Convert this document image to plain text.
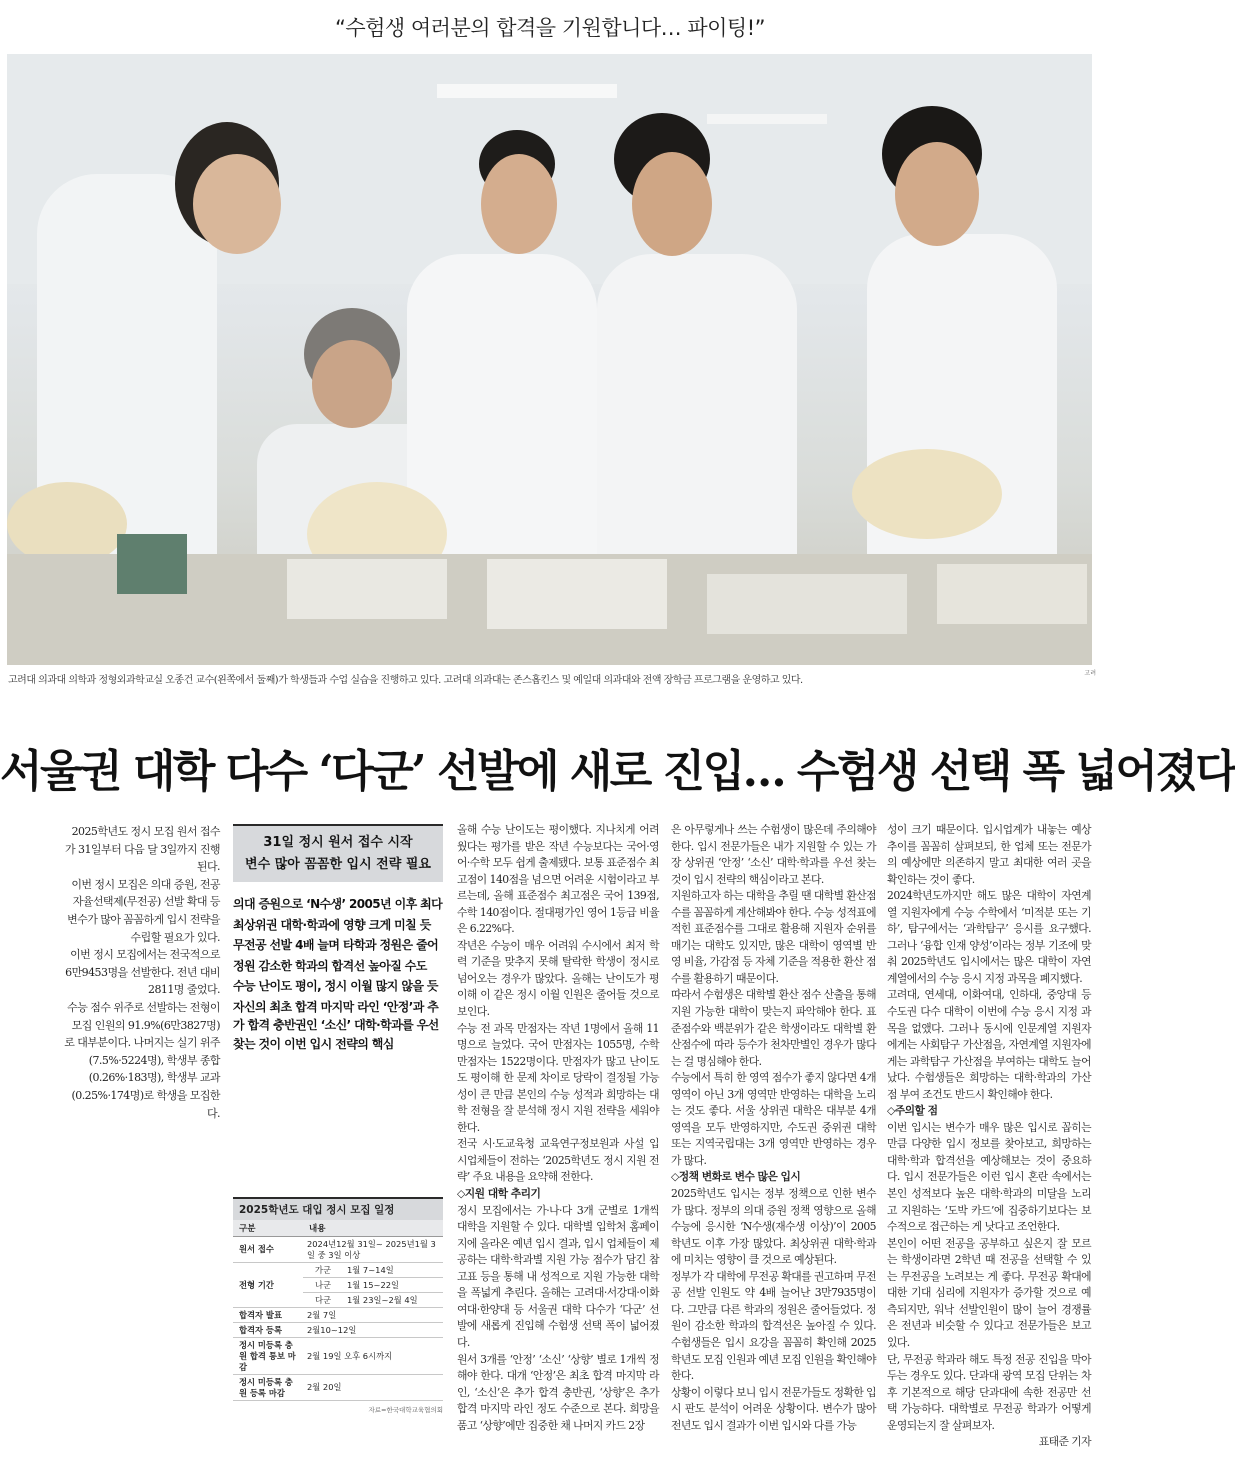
“수험생 여러분의 합격을 기원합니다… 파이팅!”
고려대 의과대 의학과 정형외과학교실 오종건 교수(왼쪽에서 둘째)가 학생들과 수업 실습을 진행하고 있다. 고려대 의과대는 존스홉킨스 및 예일대 의과대와 전액 장학금 프로그램을 운영하고 있다.
고려
서울권 대학 다수 ‘다군’ 선발에 새로 진입… 수험생 선택 폭 넓어졌다

2025학년도 정시 모집 원서 접수가 31일부터 다음 달 3일까지 진행된다.

이번 정시 모집은 의대 증원, 전공자율선택제(무전공) 선발 확대 등 변수가 많아 꼼꼼하게 입시 전략을 수립할 필요가 있다.

이번 정시 모집에서는 전국적으로 6만9453명을 선발한다. 전년 대비 2811명 줄었다.

수능 점수 위주로 선발하는 전형이 모집 인원의 91.9%(6만3827명)로 대부분이다. 나머지는 실기 위주(7.5%·5224명), 학생부 종합(0.26%·183명), 학생부 교과(0.25%·174명)로 학생을 모집한다.

31일 정시 원서 접수 시작
변수 많아 꼼꼼한 입시 전략 필요

의대 증원으로 ‘N수생’ 2005년 이후 최다

최상위권 대학·학과에 영향 크게 미칠 듯

무전공 선발 4배 늘며 타학과 정원은 줄어

정원 감소한 학과의 합격선 높아질 수도

수능 난이도 평이, 정시 이월 많지 않을 듯

자신의 최초 합격 마지막 라인 ‘안정’과 추가 합격 충반권인 ‘소신’ 대학·학과를 우선 찾는 것이 이번 입시 전략의 핵심

2025학년도 대입 정시 모집 일정
구분	내용	
원서 접수	2024년12월 31일~ 2025년1월 3일 중 3일 이상	
전형 기간	가군	1월 7~14일
	나군	1월 15~22일
	다군	1월 23일~2월 4일
합격자 발표	2월 7일	
합격자 등록	2월10~12일	
정시 미등록 충원 합격 통보 마감	2월 19일 오후 6시까지	
정시 미등록 충원 등록 마감	2월 20일	
자료=한국대학교육협의회

올해 수능 난이도는 평이했다. 지나치게 어려웠다는 평가를 받은 작년 수능보다는 국어·영어·수학 모두 쉽게 출제됐다. 보통 표준점수 최고점이 140점을 넘으면 어려운 시험이라고 부르는데, 올해 표준점수 최고점은 국어 139점, 수학 140점이다. 절대평가인 영어 1등급 비율은 6.22%다.

작년은 수능이 매우 어려워 수시에서 최저 학력 기준을 맞추지 못해 탈락한 학생이 정시로 넘어오는 경우가 많았다. 올해는 난이도가 평이해 이 같은 정시 이월 인원은 줄어들 것으로 보인다.

수능 전 과목 만점자는 작년 1명에서 올해 11명으로 늘었다. 국어 만점자는 1055명, 수학 만점자는 1522명이다. 만점자가 많고 난이도도 평이해 한 문제 차이로 당락이 결정될 가능성이 큰 만큼 본인의 수능 성적과 희망하는 대학 전형을 잘 분석해 정시 지원 전략을 세워야 한다.

전국 시·도교육청 교육연구정보원과 사설 입시업체들이 전하는 ‘2025학년도 정시 지원 전략’ 주요 내용을 요약해 전한다.

◇지원 대학 추리기

정시 모집에서는 가·나·다 3개 군별로 1개씩 대학을 지원할 수 있다. 대학별 입학처 홈페이지에 올라온 예년 입시 결과, 입시 업체들이 제공하는 대학·학과별 지원 가능 점수가 담긴 참고표 등을 통해 내 성적으로 지원 가능한 대학을 폭넓게 추린다. 올해는 고려대·서강대·이화여대·한양대 등 서울권 대학 다수가 ‘다군’ 선발에 새롭게 진입해 수험생 선택 폭이 넓어졌다.

원서 3개를 ‘안정’ ‘소신’ ‘상향’ 별로 1개씩 정해야 한다. 대개 ‘안정’은 최초 합격 마지막 라인, ‘소신’은 추가 합격 충반권, ‘상향’은 추가 합격 마지막 라인 정도 수준으로 본다. 희망을 품고 ‘상향’에만 집중한 채 나머지 카드 2장

은 아무렇게나 쓰는 수험생이 많은데 주의해야 한다. 입시 전문가들은 내가 지원할 수 있는 가장 상위권 ‘안정’ ‘소신’ 대학·학과를 우선 찾는 것이 입시 전략의 핵심이라고 본다.

지원하고자 하는 대학을 추릴 땐 대학별 환산점수를 꼼꼼하게 계산해봐야 한다. 수능 성적표에 적힌 표준점수를 그대로 활용해 지원자 순위를 매기는 대학도 있지만, 많은 대학이 영역별 반영 비율, 가감점 등 자체 기준을 적용한 환산 점수를 활용하기 때문이다.

따라서 수험생은 대학별 환산 점수 산출을 통해 지원 가능한 대학이 맞는지 파악해야 한다. 표준점수와 백분위가 같은 학생이라도 대학별 환산점수에 따라 등수가 천차만별인 경우가 많다는 걸 명심해야 한다.

수능에서 특히 한 영역 점수가 좋지 않다면 4개 영역이 아닌 3개 영역만 반영하는 대학을 노리는 것도 좋다. 서울 상위권 대학은 대부분 4개 영역을 모두 반영하지만, 수도권 중위권 대학 또는 지역국립대는 3개 영역만 반영하는 경우가 많다.

◇정책 변화로 변수 많은 입시

2025학년도 입시는 정부 정책으로 인한 변수가 많다. 정부의 의대 증원 정책 영향으로 올해 수능에 응시한 ‘N수생(재수생 이상)’이 2005학년도 이후 가장 많았다. 최상위권 대학·학과에 미치는 영향이 클 것으로 예상된다.

정부가 각 대학에 무전공 확대를 권고하며 무전공 선발 인원도 약 4배 늘어난 3만7935명이다. 그만큼 다른 학과의 정원은 줄어들었다. 정원이 감소한 학과의 합격선은 높아질 수 있다. 수험생들은 입시 요강을 꼼꼼히 확인해 2025학년도 모집 인원과 예년 모집 인원을 확인해야 한다.

상황이 이렇다 보니 입시 전문가들도 정확한 입시 판도 분석이 어려운 상황이다. 변수가 많아 전년도 입시 결과가 이번 입시와 다를 가능

성이 크기 때문이다. 입시업계가 내놓는 예상 추이를 꼼꼼히 살펴보되, 한 업체 또는 전문가의 예상에만 의존하지 말고 최대한 여러 곳을 확인하는 것이 좋다.

2024학년도까지만 해도 많은 대학이 자연계열 지원자에게 수능 수학에서 ‘미적분 또는 기하’, 탐구에서는 ‘과학탐구’ 응시를 요구했다. 그러나 ‘융합 인재 양성’이라는 정부 기조에 맞춰 2025학년도 입시에서는 많은 대학이 자연계열에서의 수능 응시 지정 과목을 폐지했다.

고려대, 연세대, 이화여대, 인하대, 중앙대 등 수도권 다수 대학이 이번에 수능 응시 지정 과목을 없앴다. 그러나 동시에 인문계열 지원자에게는 사회탐구 가산점을, 자연계열 지원자에게는 과학탐구 가산점을 부여하는 대학도 늘어났다. 수험생들은 희망하는 대학·학과의 가산점 부여 조건도 반드시 확인해야 한다.

◇주의할 점

이번 입시는 변수가 매우 많은 입시로 꼽히는 만큼 다양한 입시 정보를 찾아보고, 희망하는 대학·학과 합격선을 예상해보는 것이 중요하다. 입시 전문가들은 이런 입시 혼란 속에서는 본인 성적보다 높은 대학·학과의 미달을 노리고 지원하는 ‘도박 카드’에 집중하기보다는 보수적으로 접근하는 게 낫다고 조언한다.

본인이 어떤 전공을 공부하고 싶은지 잘 모르는 학생이라면 2학년 때 전공을 선택할 수 있는 무전공을 노려보는 게 좋다. 무전공 확대에 대한 기대 심리에 지원자가 증가할 것으로 예측되지만, 워낙 선발인원이 많이 늘어 경쟁률은 전년과 비슷할 수 있다고 전문가들은 보고 있다.

단, 무전공 학과라 해도 특정 전공 진입을 막아두는 경우도 있다. 단과대 광역 모집 단위는 차후 기본적으로 해당 단과대에 속한 전공만 선택 가능하다. 대학별로 무전공 학과가 어떻게 운영되는지 잘 살펴보자.

표태준 기자
